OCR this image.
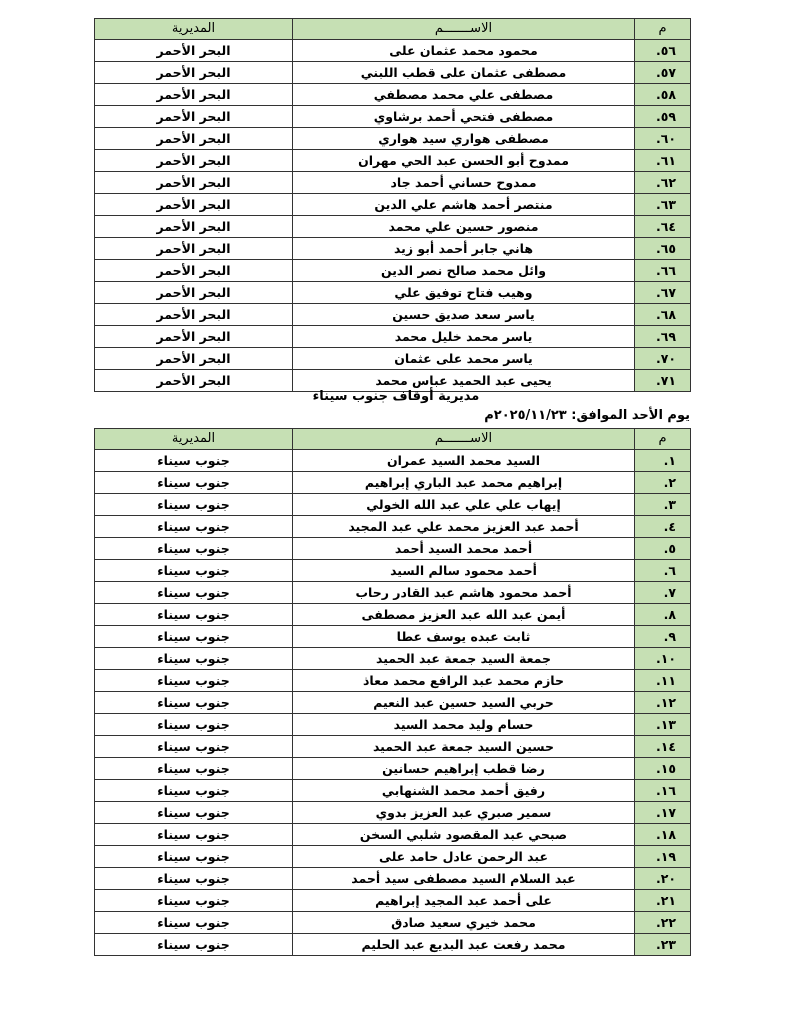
م	الاســـــــم	المديرية
٥٦.	محمود محمد عثمان على	البحر الأحمر
٥٧.	مصطفى عثمان على قطب اللبني	البحر الأحمر
٥٨.	مصطفى علي محمد مصطفي	البحر الأحمر
٥٩.	مصطفى فتحي أحمد برشاوي	البحر الأحمر
٦٠.	مصطفى هواري سيد هواري	البحر الأحمر
٦١.	ممدوح أبو الحسن عبد الحي مهران	البحر الأحمر
٦٢.	ممدوح حساني أحمد جاد	البحر الأحمر
٦٣.	منتصر أحمد هاشم علي الدين	البحر الأحمر
٦٤.	منصور حسين علي محمد	البحر الأحمر
٦٥.	هاني جابر أحمد أبو زيد	البحر الأحمر
٦٦.	وائل محمد صالح نصر الدين	البحر الأحمر
٦٧.	وهيب فتاح توفيق علي	البحر الأحمر
٦٨.	ياسر سعد صديق حسين	البحر الأحمر
٦٩.	ياسر محمد خليل محمد	البحر الأحمر
٧٠.	ياسر محمد على عثمان	البحر الأحمر
٧١.	يحيى عبد الحميد عباس محمد	البحر الأحمر
مديرية أوقاف جنوب سيناء
يوم الأحد الموافق: ٢٠٢٥/١١/٢٣م
م	الاســـــــم	المديرية
١.	السيد محمد السيد عمران	جنوب سيناء
٢.	إبراهيم محمد عبد الباري إبراهيم	جنوب سيناء
٣.	إيهاب علي علي عبد الله الخولي	جنوب سيناء
٤.	أحمد عبد العزيز محمد علي عبد المجيد	جنوب سيناء
٥.	أحمد محمد السيد أحمد	جنوب سيناء
٦.	أحمد محمود سالم السيد	جنوب سيناء
٧.	أحمد محمود هاشم عبد القادر رحاب	جنوب سيناء
٨.	أيمن عبد الله عبد العزيز مصطفى	جنوب سيناء
٩.	ثابت عبده يوسف عطا	جنوب سيناء
١٠.	جمعة السيد جمعة عبد الحميد	جنوب سيناء
١١.	حازم محمد عبد الرافع محمد معاذ	جنوب سيناء
١٢.	حربي السيد حسين عبد النعيم	جنوب سيناء
١٣.	حسام وليد محمد السيد	جنوب سيناء
١٤.	حسين السيد جمعة عبد الحميد	جنوب سيناء
١٥.	رضا قطب إبراهيم حسانين	جنوب سيناء
١٦.	رفيق أحمد محمد الشنهابي	جنوب سيناء
١٧.	سمير صبري عبد العزيز بدوي	جنوب سيناء
١٨.	صبحي عبد المقصود شلبي السخن	جنوب سيناء
١٩.	عبد الرحمن عادل حامد على	جنوب سيناء
٢٠.	عبد السلام السيد مصطفى سيد أحمد	جنوب سيناء
٢١.	على أحمد عبد المجيد إبراهيم	جنوب سيناء
٢٢.	محمد خيري سعيد صادق	جنوب سيناء
٢٣.	محمد رفعت عبد البديع عبد الحليم	جنوب سيناء
